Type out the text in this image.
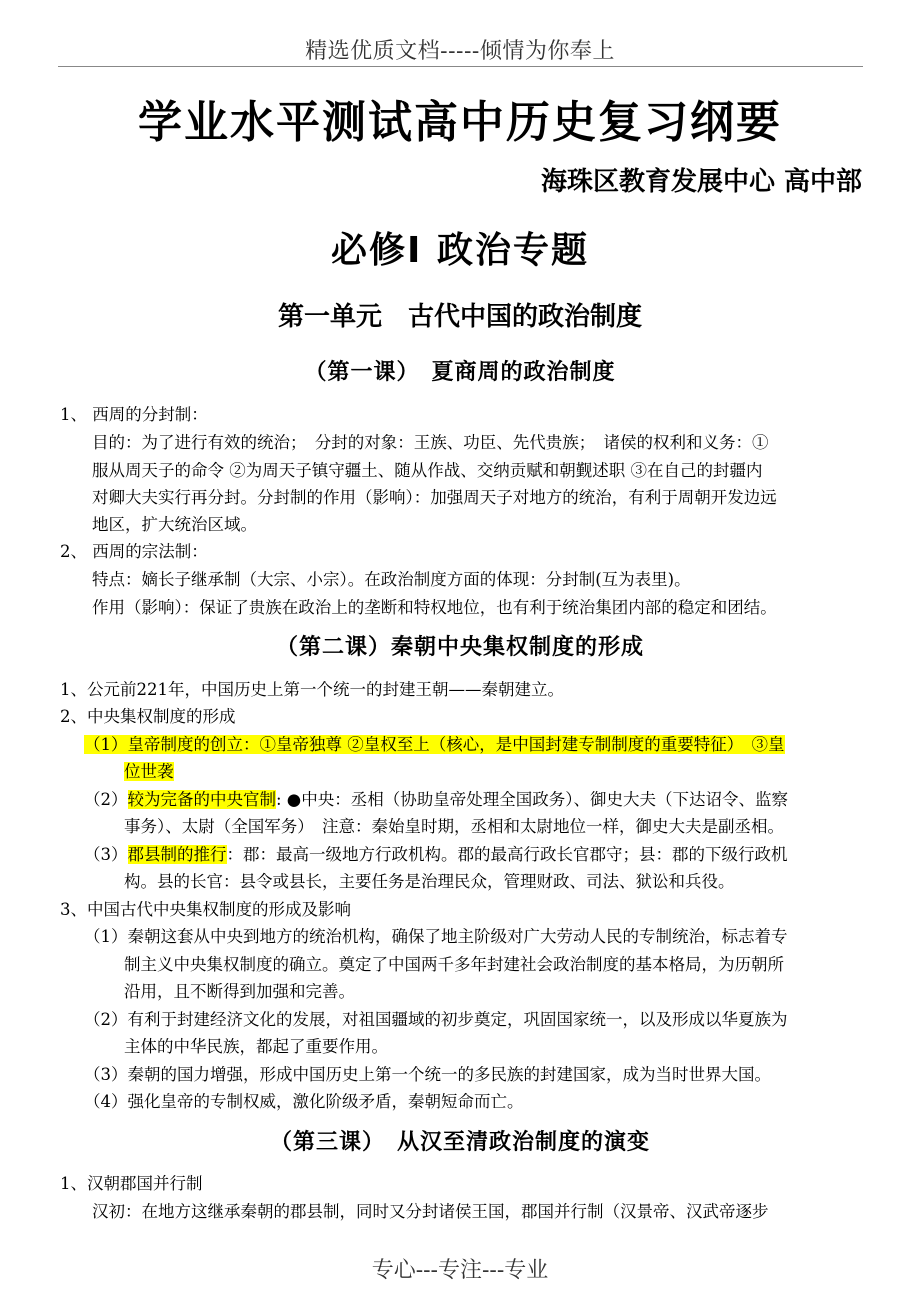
精选优质文档-----倾情为你奉上
学业水平测试高中历史复习纲要
海珠区教育发展中心 高中部
必修Ⅰ 政治专题
第一单元　古代中国的政治制度
（第一课）　夏商周的政治制度
1、 西周的分封制：
目的：为了进行有效的统治；　分封的对象：王族、功臣、先代贵族；　诸侯的权利和义务：①
服从周天子的命令 ②为周天子镇守疆土、随从作战、交纳贡赋和朝觐述职 ③在自己的封疆内
对卿大夫实行再分封。分封制的作用（影响）：加强周天子对地方的统治，有利于周朝开发边远
地区，扩大统治区域。
2、 西周的宗法制：
特点：嫡长子继承制（大宗、小宗）。在政治制度方面的体现：分封制(互为表里)。
作用（影响）：保证了贵族在政治上的垄断和特权地位，也有利于统治集团内部的稳定和团结。
（第二课）秦朝中央集权制度的形成
1、公元前221年，中国历史上第一个统一的封建王朝——秦朝建立。
2、中央集权制度的形成
（1）皇帝制度的创立：①皇帝独尊 ②皇权至上（核心，是中国封建专制制度的重要特征）　③皇
位世袭
（2）较为完备的中央官制: ●中央：丞相（协助皇帝处理全国政务）、御史大夫（下达诏令、监察
事务）、太尉（全国军务）　注意：秦始皇时期，丞相和太尉地位一样，御史大夫是副丞相。
（3）郡县制的推行：郡：最高一级地方行政机构。郡的最高行政长官郡守；县：郡的下级行政机
构。县的长官：县令或县长，主要任务是治理民众，管理财政、司法、狱讼和兵役。
3、中国古代中央集权制度的形成及影响
（1）秦朝这套从中央到地方的统治机构，确保了地主阶级对广大劳动人民的专制统治，标志着专
制主义中央集权制度的确立。奠定了中国两千多年封建社会政治制度的基本格局，为历朝所
沿用，且不断得到加强和完善。
（2）有利于封建经济文化的发展，对祖国疆域的初步奠定，巩固国家统一，以及形成以华夏族为
主体的中华民族，都起了重要作用。
（3）秦朝的国力增强，形成中国历史上第一个统一的多民族的封建国家，成为当时世界大国。
（4）强化皇帝的专制权威，激化阶级矛盾，秦朝短命而亡。
（第三课）　从汉至清政治制度的演变
1、汉朝郡国并行制
汉初：在地方这继承秦朝的郡县制，同时又分封诸侯王国，郡国并行制（汉景帝、汉武帝逐步
专心---专注---专业
